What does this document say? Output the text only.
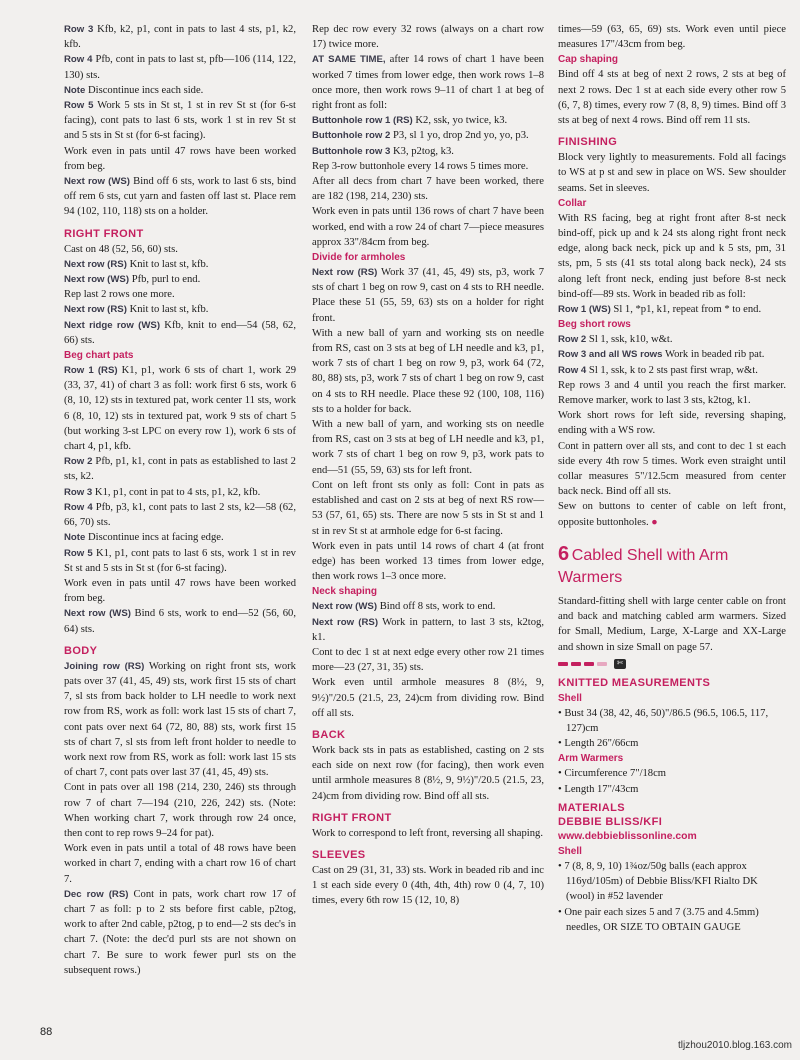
Row 3 Kfb, k2, p1, cont in pats to last 4 sts, p1, k2, kfb.

Row 4 Pfb, cont in pats to last st, pfb—106 (114, 122, 130) sts.

Note Discontinue incs each side.

Row 5 Work 5 sts in St st, 1 st in rev St st (for 6-st facing), cont pats to last 6 sts, work 1 st in rev St st and 5 sts in St st (for 6-st facing).

Work even in pats until 47 rows have been worked from beg.

Next row (WS) Bind off 6 sts, work to last 6 sts, bind off rem 6 sts, cut yarn and fasten off last st. Place rem 94 (102, 110, 118) sts on a holder.

RIGHT FRONT

Cast on 48 (52, 56, 60) sts.

Next row (RS) Knit to last st, kfb.

Next row (WS) Pfb, purl to end.

Rep last 2 rows one more.

Next row (RS) Knit to last st, kfb.

Next ridge row (WS) Kfb, knit to end—54 (58, 62, 66) sts.

Beg chart pats

Row 1 (RS) K1, p1, work 6 sts of chart 1, work 29 (33, 37, 41) of chart 3 as foll: work first 6 sts, work 6 (8, 10, 12) sts in textured pat, work center 11 sts, work 6 (8, 10, 12) sts in textured pat, work 9 sts of chart 5 (but working 3-st LPC on every row 1), work 6 sts of chart 4, p1, kfb.

Row 2 Pfb, p1, k1, cont in pats as established to last 2 sts, k2.

Row 3 K1, p1, cont in pat to 4 sts, p1, k2, kfb.

Row 4 Pfb, p3, k1, cont pats to last 2 sts, k2—58 (62, 66, 70) sts.

Note Discontinue incs at facing edge.

Row 5 K1, p1, cont pats to last 6 sts, work 1 st in rev St st and 5 sts in St st (for 6-st facing).

Work even in pats until 47 rows have been worked from beg.

Next row (WS) Bind 6 sts, work to end—52 (56, 60, 64) sts.

BODY

Joining row (RS) Working on right front sts, work pats over 37 (41, 45, 49) sts, work first 15 sts of chart 7, sl sts from back holder to LH needle to work next row from RS, work as foll: work last 15 sts of chart 7, cont pats over next 64 (72, 80, 88) sts, work first 15 sts of chart 7, sl sts from left front holder to needle to work next row from RS, work as foll: work last 15 sts of chart 7, cont pats over last 37 (41, 45, 49) sts.

Cont in pats over all 198 (214, 230, 246) sts through row 7 of chart 7—194 (210, 226, 242) sts. (Note: When working chart 7, work through row 24 once, then cont to rep rows 9–24 for pat).

Work even in pats until a total of 48 rows have been worked in chart 7, ending with a chart row 16 of chart 7.

Dec row (RS) Cont in pats, work chart row 17 of chart 7 as foll: p to 2 sts before first cable, p2tog, work to after 2nd cable, p2tog, p to end—2 sts dec's in chart 7. (Note: the dec'd purl sts are not shown on chart 7. Be sure to work fewer purl sts on the subsequent rows.)

Rep dec row every 32 rows (always on a chart row 17) twice more.

AT SAME TIME, after 14 rows of chart 1 have been worked 7 times from lower edge, then work rows 1–8 once more, then work rows 9–11 of chart 1 at beg of right front as foll:

Buttonhole row 1 (RS) K2, ssk, yo twice, k3.

Buttonhole row 2 P3, sl 1 yo, drop 2nd yo, yo, p3.

Buttonhole row 3 K3, p2tog, k3.

Rep 3-row buttonhole every 14 rows 5 times more.

After all decs from chart 7 have been worked, there are 182 (198, 214, 230) sts.

Work even in pats until 136 rows of chart 7 have been worked, end with a row 24 of chart 7—piece measures approx 33"/84cm from beg.

Divide for armholes

Next row (RS) Work 37 (41, 45, 49) sts, p3, work 7 sts of chart 1 beg on row 9, cast on 4 sts to RH needle. Place these 51 (55, 59, 63) sts on a holder for right front.

With a new ball of yarn and working sts on needle from RS, cast on 3 sts at beg of LH needle and k3, p1, work 7 sts of chart 1 beg on row 9, p3, work 64 (72, 80, 88) sts, p3, work 7 sts of chart 1 beg on row 9, cast on 4 sts to RH needle. Place these 92 (100, 108, 116) sts to a holder for back.

With a new ball of yarn, and working sts on needle from RS, cast on 3 sts at beg of LH needle and k3, p1, work 7 sts of chart 1 beg on row 9, p3, work pats to end—51 (55, 59, 63) sts for left front.

Cont on left front sts only as foll: Cont in pats as established and cast on 2 sts at beg of next RS row—53 (57, 61, 65) sts. There are now 5 sts in St st and 1 st in rev St st at armhole edge for 6-st facing.

Work even in pats until 14 rows of chart 4 (at front edge) has been worked 13 times from lower edge, then work rows 1–3 once more.

Neck shaping

Next row (WS) Bind off 8 sts, work to end.

Next row (RS) Work in pattern, to last 3 sts, k2tog, k1.

Cont to dec 1 st at next edge every other row 21 times more—23 (27, 31, 35) sts.

Work even until armhole measures 8 (8½, 9, 9½)"/20.5 (21.5, 23, 24)cm from dividing row. Bind off all sts.

BACK

Work back sts in pats as established, casting on 2 sts each side on next row (for facing), then work even until armhole measures 8 (8½, 9, 9½)"/20.5 (21.5, 23, 24)cm from dividing row. Bind off all sts.

RIGHT FRONT

Work to correspond to left front, reversing all shaping.

SLEEVES

Cast on 29 (31, 31, 33) sts. Work in beaded rib and inc 1 st each side every 0 (4th, 4th, 4th) row 0 (4, 7, 10) times, every 6th row 15 (12, 10, 8)

times—59 (63, 65, 69) sts. Work even until piece measures 17"/43cm from beg.

Cap shaping

Bind off 4 sts at beg of next 2 rows, 2 sts at beg of next 2 rows. Dec 1 st at each side every other row 5 (6, 7, 8) times, every row 7 (8, 8, 9) times. Bind off 3 sts at beg of next 4 rows. Bind off rem 11 sts.

FINISHING

Block very lightly to measurements. Fold all facings to WS at p st and sew in place on WS. Sew shoulder seams. Set in sleeves.

Collar

With RS facing, beg at right front after 8-st neck bind-off, pick up and k 24 sts along right front neck edge, along back neck, pick up and k 5 sts, pm, 31 sts, pm, 5 sts (41 sts total along back neck), 24 sts along left front neck, ending just before 8-st neck bind-off—89 sts. Work in beaded rib as foll:

Row 1 (WS) Sl 1, *p1, k1, repeat from * to end.

Beg short rows

Row 2 Sl 1, ssk, k10, w&t.

Row 3 and all WS rows Work in beaded rib pat.

Row 4 Sl 1, ssk, k to 2 sts past first wrap, w&t.

Rep rows 3 and 4 until you reach the first marker. Remove marker, work to last 3 sts, k2tog, k1.

Work short rows for left side, reversing shaping, ending with a WS row.

Cont in pattern over all sts, and cont to dec 1 st each side every 4th row 5 times. Work even straight until collar measures 5"/12.5cm measured from center back neck. Bind off all sts.

Sew on buttons to center of cable on left front, opposite buttonholes. ●

6 Cabled Shell with Arm Warmers

Standard-fitting shell with large center cable on front and back and matching cabled arm warmers. Sized for Small, Medium, Large, X-Large and XX-Large and shown in size Small on page 57.

✄
KNITTED MEASUREMENTS
Shell
• Bust 34 (38, 42, 46, 50)"/86.5 (96.5, 106.5, 117, 127)cm
• Length 26"/66cm
Arm Warmers
• Circumference 7"/18cm
• Length 17"/43cm
MATERIALS
DEBBIE BLISS/KFI
www.debbieblissonline.com
Shell
• 7 (8, 8, 9, 10) 1¾oz/50g balls (each approx 116yd/105m) of Debbie Bliss/KFI Rialto DK (wool) in #52 lavender
• One pair each sizes 5 and 7 (3.75 and 4.5mm) needles, OR SIZE TO OBTAIN GAUGE
88
tljzhou2010.blog.163.com
